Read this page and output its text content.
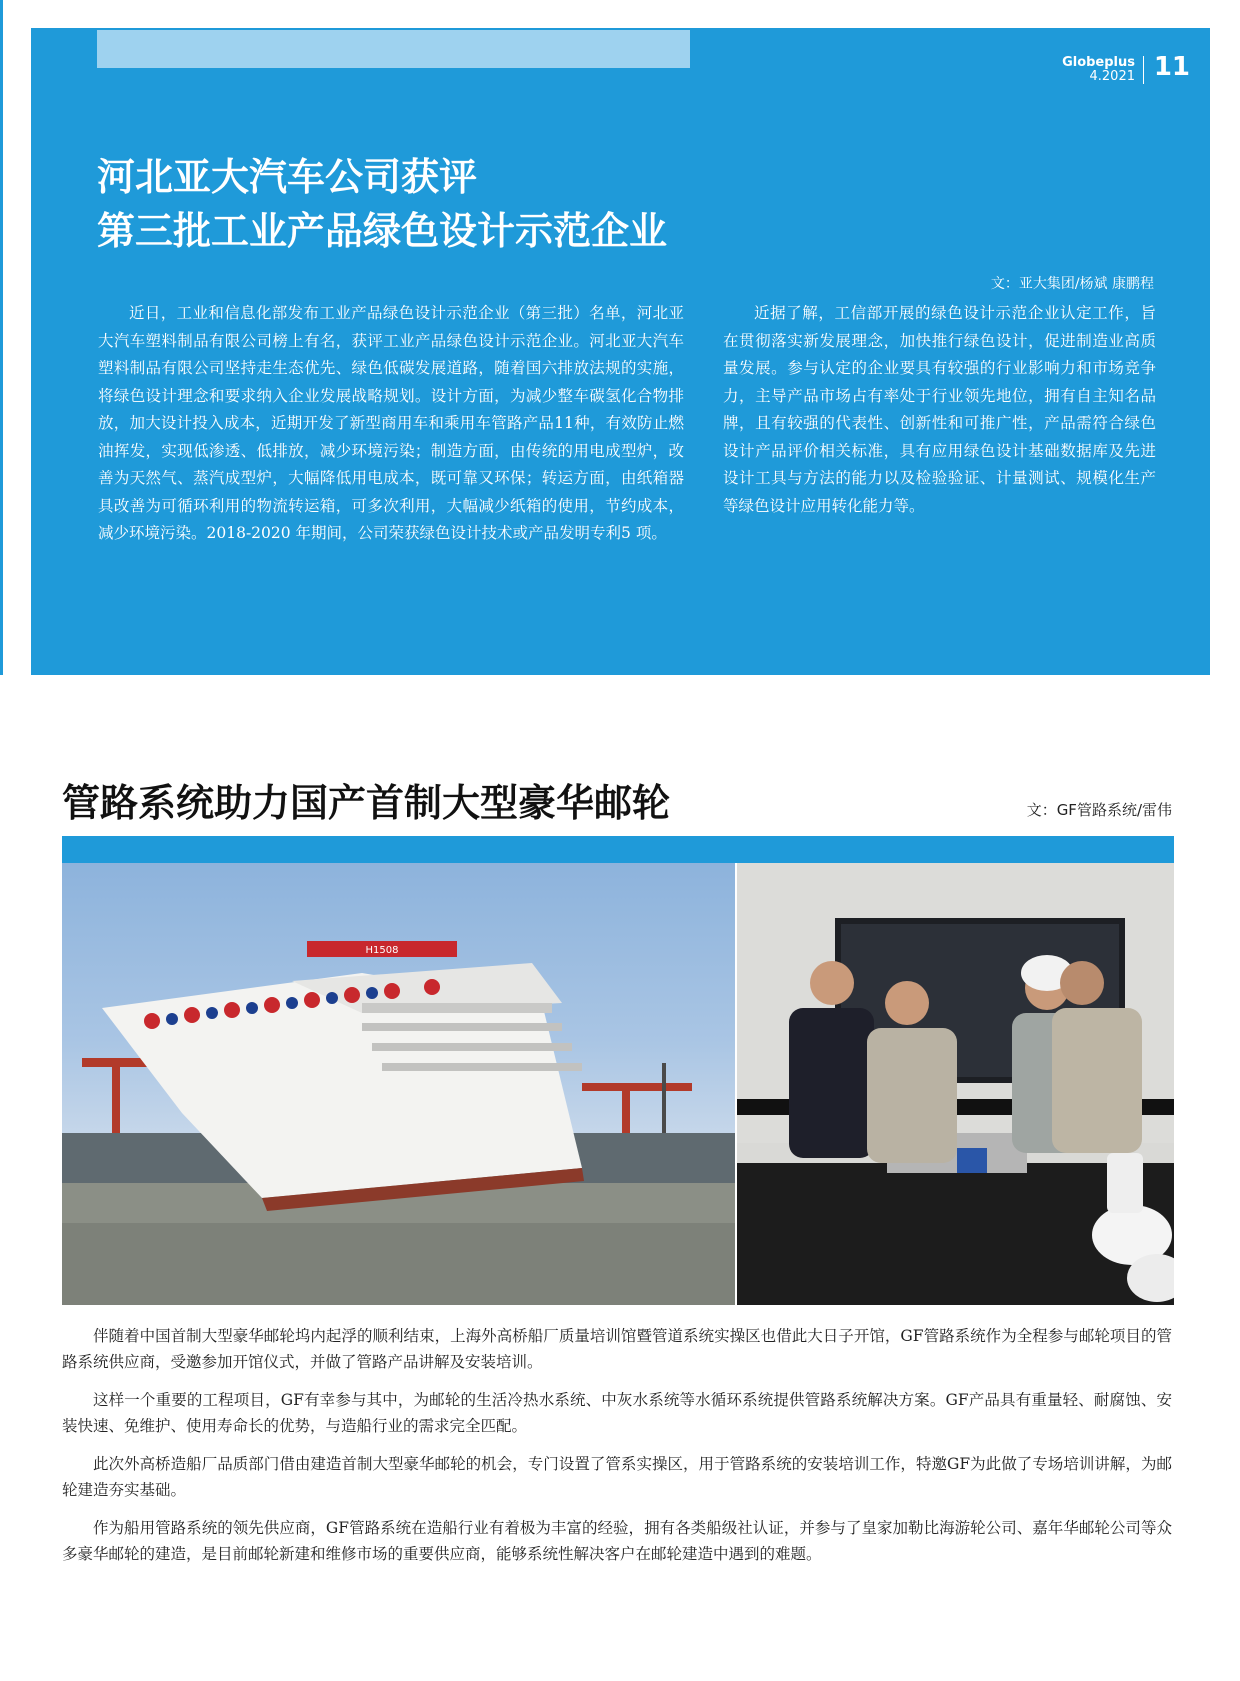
Globeplus
4.2021 11
河北亚大汽车公司获评
第三批工业产品绿色设计示范企业
文：亚大集团/杨斌 康鹏程

近日，工业和信息化部发布工业产品绿色设计示范企业（第三批）名单，河北亚大汽车塑料制品有限公司榜上有名，获评工业产品绿色设计示范企业。河北亚大汽车塑料制品有限公司坚持走生态优先、绿色低碳发展道路，随着国六排放法规的实施，将绿色设计理念和要求纳入企业发展战略规划。设计方面，为减少整车碳氢化合物排放，加大设计投入成本，近期开发了新型商用车和乘用车管路产品11种，有效防止燃油挥发，实现低渗透、低排放，减少环境污染；制造方面，由传统的用电成型炉，改善为天然气、蒸汽成型炉，大幅降低用电成本，既可靠又环保；转运方面，由纸箱器具改善为可循环利用的物流转运箱，可多次利用，大幅减少纸箱的使用，节约成本，减少环境污染。2018-2020 年期间，公司荣获绿色设计技术或产品发明专利5 项。

近据了解，工信部开展的绿色设计示范企业认定工作，旨在贯彻落实新发展理念，加快推行绿色设计，促进制造业高质量发展。参与认定的企业要具有较强的行业影响力和市场竞争力，主导产品市场占有率处于行业领先地位，拥有自主知名品牌，且有较强的代表性、创新性和可推广性，产品需符合绿色设计产品评价相关标准，具有应用绿色设计基础数据库及先进设计工具与方法的能力以及检验验证、计量测试、规模化生产等绿色设计应用转化能力等。

管路系统助力国产首制大型豪华邮轮	文：GF管路系统/雷伟
H1508

伴随着中国首制大型豪华邮轮坞内起浮的顺利结束，上海外高桥船厂质量培训馆暨管道系统实操区也借此大日子开馆，GF管路系统作为全程参与邮轮项目的管路系统供应商，受邀参加开馆仪式，并做了管路产品讲解及安装培训。

这样一个重要的工程项目，GF有幸参与其中，为邮轮的生活冷热水系统、中灰水系统等水循环系统提供管路系统解决方案。GF产品具有重量轻、耐腐蚀、安装快速、免维护、使用寿命长的优势，与造船行业的需求完全匹配。

此次外高桥造船厂品质部门借由建造首制大型豪华邮轮的机会，专门设置了管系实操区，用于管路系统的安装培训工作，特邀GF为此做了专场培训讲解，为邮轮建造夯实基础。

作为船用管路系统的领先供应商，GF管路系统在造船行业有着极为丰富的经验，拥有各类船级社认证，并参与了皇家加勒比海游轮公司、嘉年华邮轮公司等众多豪华邮轮的建造，是目前邮轮新建和维修市场的重要供应商，能够系统性解决客户在邮轮建造中遇到的难题。
